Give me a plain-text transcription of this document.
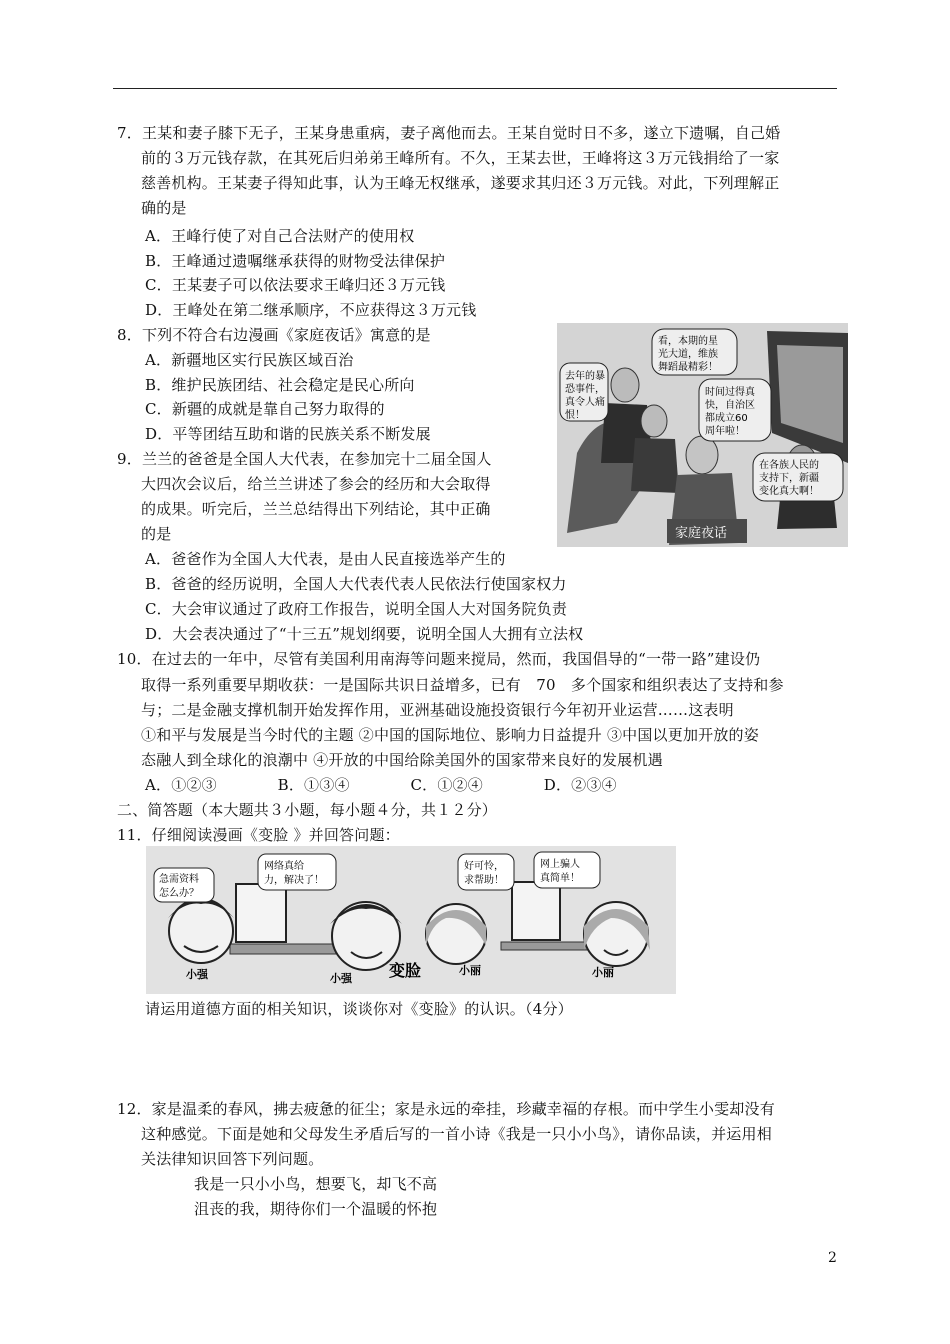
7．王某和妻子膝下无子，王某身患重病，妻子离他而去。王某自觉时日不多，遂立下遗嘱，自己婚
前的３万元钱存款，在其死后归弟弟王峰所有。不久，王某去世，王峰将这３万元钱捐给了一家
慈善机构。王某妻子得知此事，认为王峰无权继承，遂要求其归还３万元钱。对此，下列理解正
确的是
A．王峰行使了对自己合法财产的使用权
B．王峰通过遗嘱继承获得的财物受法律保护
C．王某妻子可以依法要求王峰归还３万元钱
D．王峰处在第二继承顺序，不应获得这３万元钱
8．下列不符合右边漫画《家庭夜话》寓意的是
A．新疆地区实行民族区域百治
B．维护民族团结、社会稳定是民心所向
C．新疆的成就是靠自己努力取得的
D．平等团结互助和谐的民族关系不断发展
去年的暴
恐事件，
真令人痛
恨！
看，本期的星
光大道，维族
舞蹈最精彩！
时间过得真
快，自治区
都成立60
周年啦！
在各族人民的
支持下，新疆
变化真大啊！
家庭夜话
9．兰兰的爸爸是全国人大代表，在参加完十二届全国人
大四次会议后，给兰兰讲述了参会的经历和大会取得
的成果。听完后，兰兰总结得出下列结论，其中正确
的是
A．爸爸作为全国人大代表，是由人民直接选举产生的
B．爸爸的经历说明，全国人大代表代表人民依法行使国家权力
C．大会审议通过了政府工作报告，说明全国人大对国务院负责
D．大会表决通过了“十三五”规划纲要，说明全国人大拥有立法权
10．在过去的一年中，尽管有美国利用南海等问题来搅局，然而，我国倡导的“一带一路”建设仍
取得一系列重要早期收获：一是国际共识日益增多，已有　70　多个国家和组织表达了支持和参
与；二是金融支撑机制开始发挥作用，亚洲基础设施投资银行今年初开业运营……这表明
①和平与发展是当今时代的主题 ②中国的国际地位、影响力日益提升 ③中国以更加开放的姿
态融人到全球化的浪潮中 ④开放的中国给除美国外的国家带来良好的发展机遇
A．①②③　　　　B．①③④　　　　C．①②④　　　　D．②③④
二、简答题（本大题共３小题，每小题４分，共１２分）
11．仔细阅读漫画《变脸 》并回答问题：
急需资料
怎么办？
网络真给
力，解决了！
好可怜，
求帮助！
网上骗人
真简单！
小强	小强
小丽	小丽
变脸
请运用道德方面的相关知识，谈谈你对《变脸》的认识。（4分）
12．家是温柔的春风，拂去疲惫的征尘；家是永远的牵挂，珍藏幸福的存根。而中学生小雯却没有
这种感觉。下面是她和父母发生矛盾后写的一首小诗《我是一只小小鸟》，请你品读，并运用相
关法律知识回答下列问题。
我是一只小小鸟，想要飞，却飞不高
沮丧的我，期待你们一个温暖的怀抱
2
